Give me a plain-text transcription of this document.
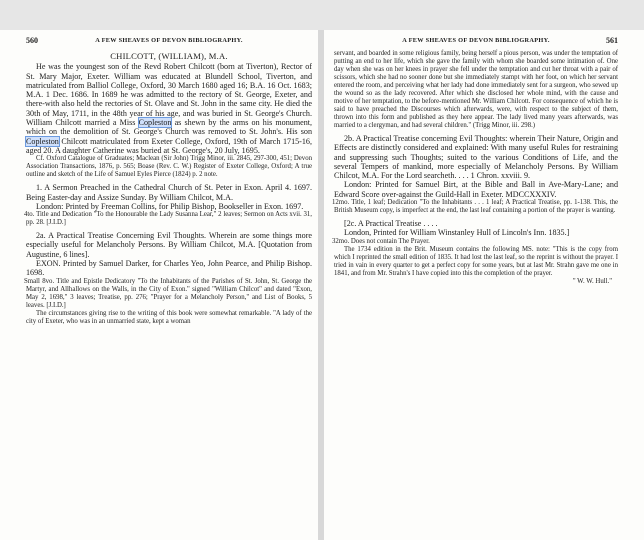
560	A FEW SHEAVES OF DEVON BIBLIOGRAPHY.
CHILCOTT, (WILLIAM), M.A.

He was the youngest son of the Revd Robert Chilcott (born at Tiverton), Rector of St. Mary Major, Exeter. William was educated at Blundell School, Tiverton, and matriculated from Balliol College, Oxford, 30 March 1680 aged 16; B.A. 16 Oct. 1683; M.A. 1 Dec. 1686. In 1689 he was admitted to the rectory of St. George, Exeter, and there-with also held the rectories of St. Olave and St. John in the same city. He died the 30th of May, 1711, in the 48th year of his age, and was buried in St. George's Church. William Chilcott married a Miss Copleston as shewn by the arms on his monument, which on the demolition of St. George's Church was removed to St. John's. His son Copleston Chilcott matriculated from Exeter College, Oxford, 19th of March 1715-16, aged 20. A daughter Catherine was buried at St. George's, 20 July, 1695.

Cf. Oxford Catalogue of Graduates; Maclean (Sir John) Trigg Minor, iii. 2845, 297-300, 451; Devon Association Transactions, 1876, p. 565; Boase (Rev. C. W.) Register of Exeter College, Oxford; A true outline and sketch of the Life of Samuel Eyles Pierce (1824) p. 2 note.

1. A Sermon Preached in the Cathedral Church of St. Peter in Exon. April 4. 1697. Being Easter-day and Assize Sunday. By William Chilcot, M.A.

London: Printed by Freeman Collins, for Philip Bishop, Bookseller in Exon. 1697.

4to. Title and Dedication "To the Honourable the Lady Susanna Lear," 2 leaves; Sermon on Acts xvii. 31, pp. 28. [J.I.D.]

2a. A Practical Treatise Concerning Evil Thoughts. Wherein are some things more especially useful for Melancholy Persons. By William Chilcot, M.A. [Quotation from Augustine, 6 lines].

EXON. Printed by Samuel Darker, for Charles Yeo, John Pearce, and Philip Bishop. 1698.

Small 8vo. Title and Epistle Dedicatory "To the Inhabitants of the Parishes of St. John, St. George the Martyr, and Allhallows on the Walls, in the City of Exon." signed "William Chilcot" and dated "Exon, May 2, 1698," 3 leaves; Treatise, pp. 276; "Prayer for a Melancholy Person," and List of Books, 5 leaves. [J.I.D.]

The circumstances giving rise to the writing of this book were somewhat remarkable. "A lady of the city of Exeter, who was in an unmarried state, kept a woman

A FEW SHEAVES OF DEVON BIBLIOGRAPHY.	561

servant, and boarded in some religious family, being herself a pious person, was under the temptation of putting an end to her life, which she gave the family with whom she boarded some intimation of. One day when she was on her knees in prayer she fell under the temptation and cut her throat with a pair of scissors, which she had no sooner done but she immediately stampt with her foot, on which her servant entered the room, and perceiving what her lady had done immediately sent for a surgeon, who sewed up the wound so as the lady recovered. After which she disclosed her whole mind, with the cause and motive of her temptation, to the before-mentioned Mr. William Chilcott. For consequence of which he is said to have preached the Discourses which afterwards, were, with respect to the subject of them, thrown into this form and published as they here appear. The lady lived many years afterwards, was married to a clergyman, and had several children." (Trigg Minor, iii. 298.)

2b. A Practical Treatise concerning Evil Thoughts: wherein Their Nature, Origin and Effects are distinctly considered and explained: With many useful Rules for restraining and suppressing such Thoughts; suited to the various Conditions of Life, and the several Tempers of mankind, more especially of Melancholy Persons. By William Chilcot, M.A. For the Lord searcheth. . . . 1 Chron. xxviii. 9.

London: Printed for Samuel Birt, at the Bible and Ball in Ave-Mary-Lane; and Edward Score over-against the Guild-Hall in Exeter. MDCCXXXIV.

12mo. Title, 1 leaf; Dedication "To the Inhabitants . . . 1 leaf; A Practical Treatise, pp. 1-138. This, the British Museum copy, is imperfect at the end, the last leaf containing a portion of the prayer is wanting.

[2c. A Practical Treatise . . . .

London, Printed for William Winstanley Hull of Lincoln's Inn. 1835.]

32mo. Does not contain The Prayer.

The 1734 edition in the Brit. Museum contains the following MS. note: "This is the copy from which I reprinted the small edition of 1835. It had lost the last leaf, so the reprint is without the prayer. I tried in vain in every quarter to get a perfect copy for some years, but at last Mr. Strahn gave me one in 1841, and from Mr. Strahn's I have copied into this the completion of the prayer.

" W. W. Hull."
